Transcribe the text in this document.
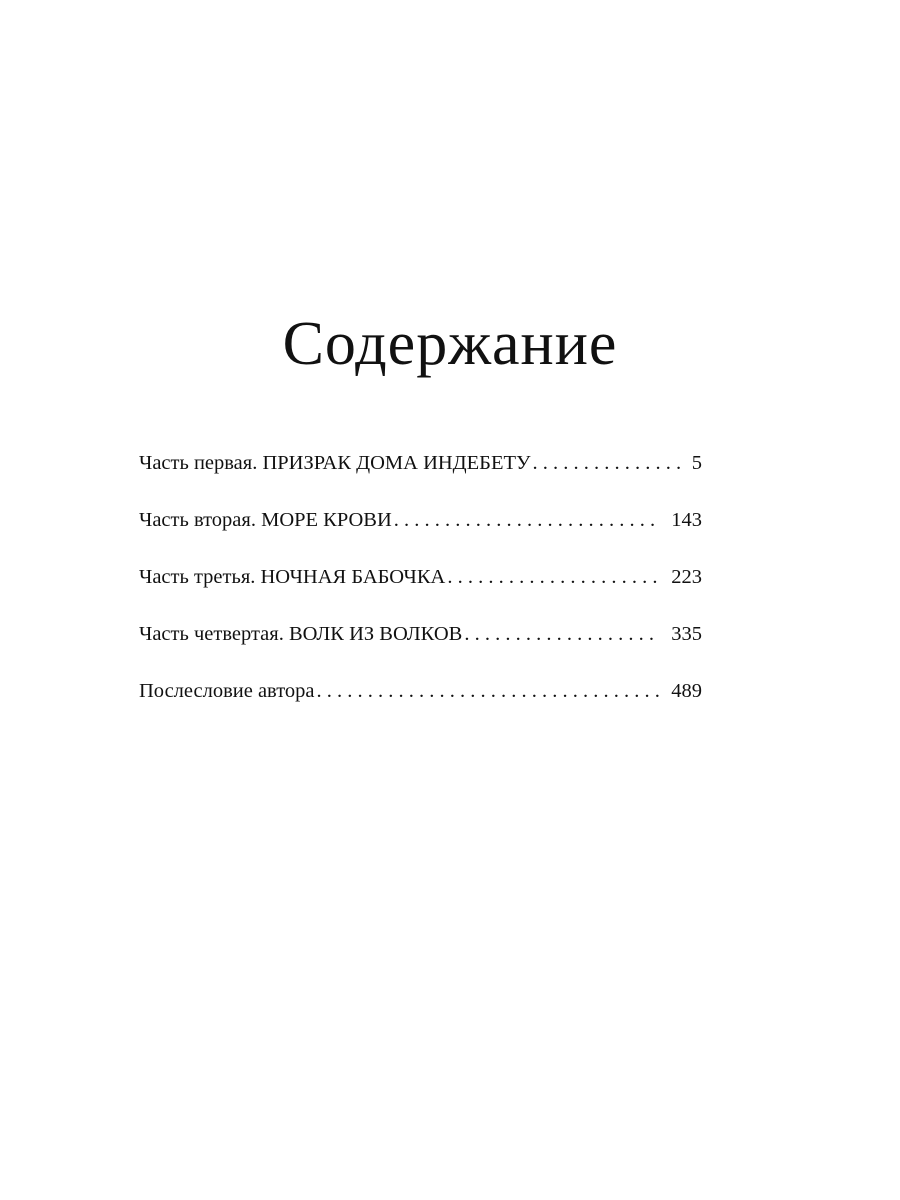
Содержание
Часть первая. ПРИЗРАК ДОМА ИНДЕБЕТУ . . .	5
Часть вторая. МОРЕ КРОВИ . . .	143
Часть третья. НОЧНАЯ БАБОЧКА . . .	223
Часть четвертая. ВОЛК ИЗ ВОЛКОВ . . .	335
Послесловие автора . . .	489
